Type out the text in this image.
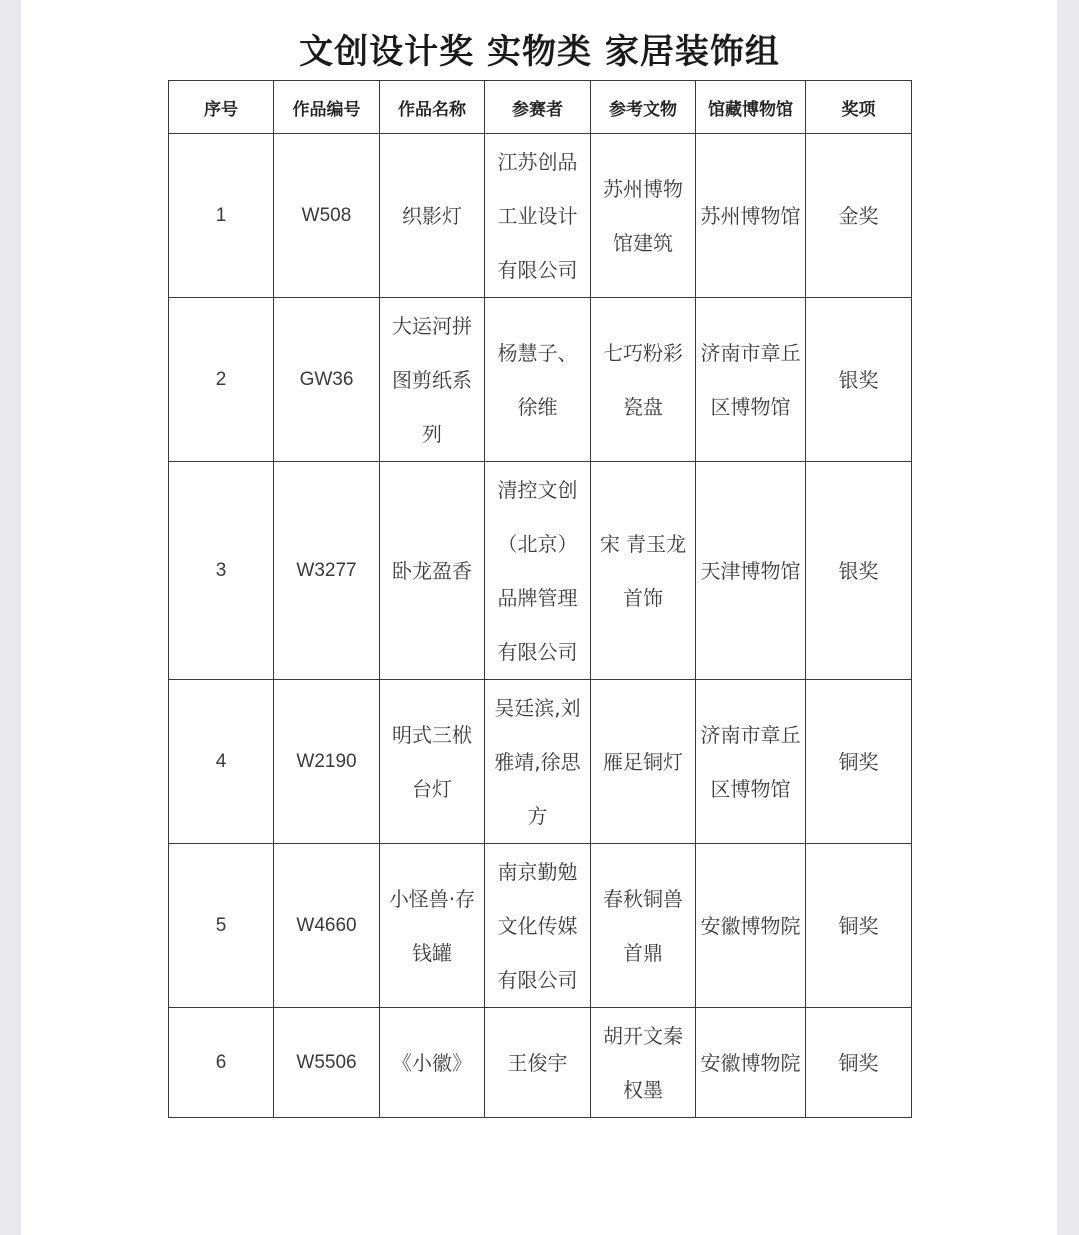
文创设计奖 实物类 家居装饰组
序号	作品编号	作品名称	参赛者	参考文物	馆藏博物馆	奖项
1	W508	织影灯	江苏创品工业设计有限公司	苏州博物馆建筑	苏州博物馆	金奖
2	GW36	大运河拼图剪纸系列	杨慧子、徐维	七巧粉彩瓷盘	济南市章丘区博物馆	银奖
3	W3277	卧龙盈香	清控文创（北京）品牌管理有限公司	宋 青玉龙首饰	天津博物馆	银奖
4	W2190	明式三栿台灯	吴廷滨,刘雅靖,徐思方	雁足铜灯	济南市章丘区博物馆	铜奖
5	W4660	小怪兽·存钱罐	南京勤勉文化传媒有限公司	春秋铜兽首鼎	安徽博物院	铜奖
6	W5506	《小徽》	王俊宇	胡开文秦权墨	安徽博物院	铜奖
